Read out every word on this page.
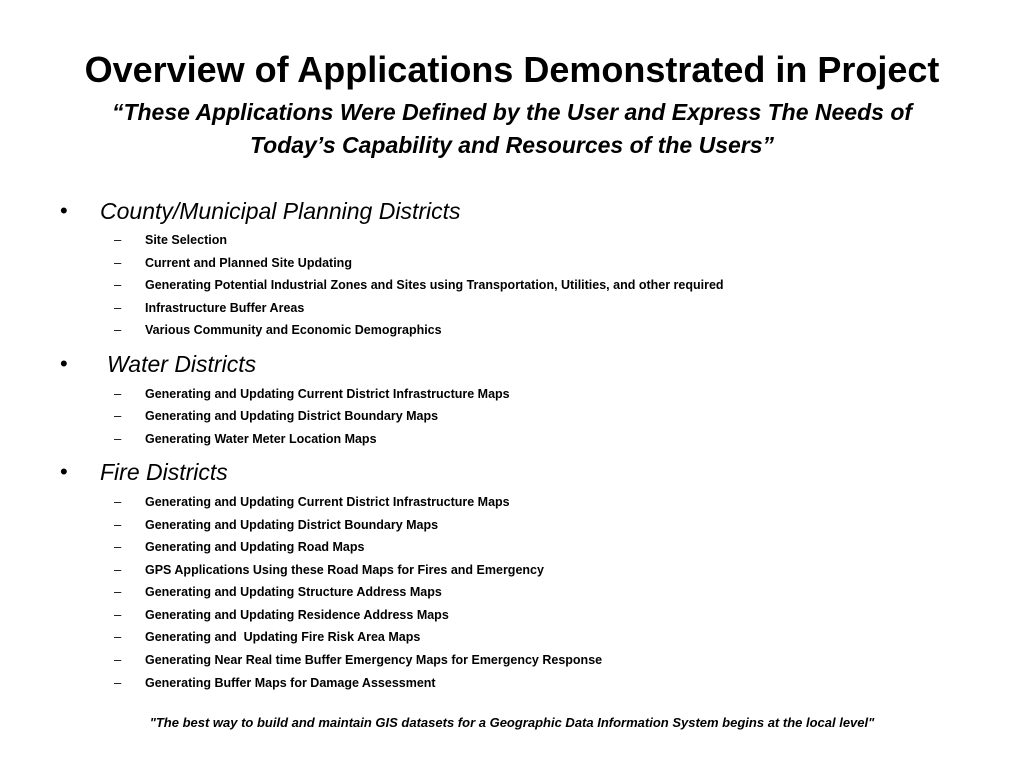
Overview of Applications Demonstrated in Project
“These Applications Were Defined by the User and Express The Needs of
Today’s Capability and Resources of the Users”
• County/Municipal Planning Districts
– Site Selection
– Current and Planned Site Updating
– Generating Potential Industrial Zones and Sites using Transportation, Utilities, and other required
– Infrastructure Buffer Areas
– Various Community and Economic Demographics
• Water Districts
– Generating and Updating Current District Infrastructure Maps
– Generating and Updating District Boundary Maps
– Generating Water Meter Location Maps
• Fire Districts
– Generating and Updating Current District Infrastructure Maps
– Generating and Updating District Boundary Maps
– Generating and Updating Road Maps
– GPS Applications Using these Road Maps for Fires and Emergency
– Generating and Updating Structure Address Maps
– Generating and Updating Residence Address Maps
– Generating and  Updating Fire Risk Area Maps
– Generating Near Real time Buffer Emergency Maps for Emergency Response
– Generating Buffer Maps for Damage Assessment
"The best way to build and maintain GIS datasets for a Geographic Data Information System begins at the local level"
